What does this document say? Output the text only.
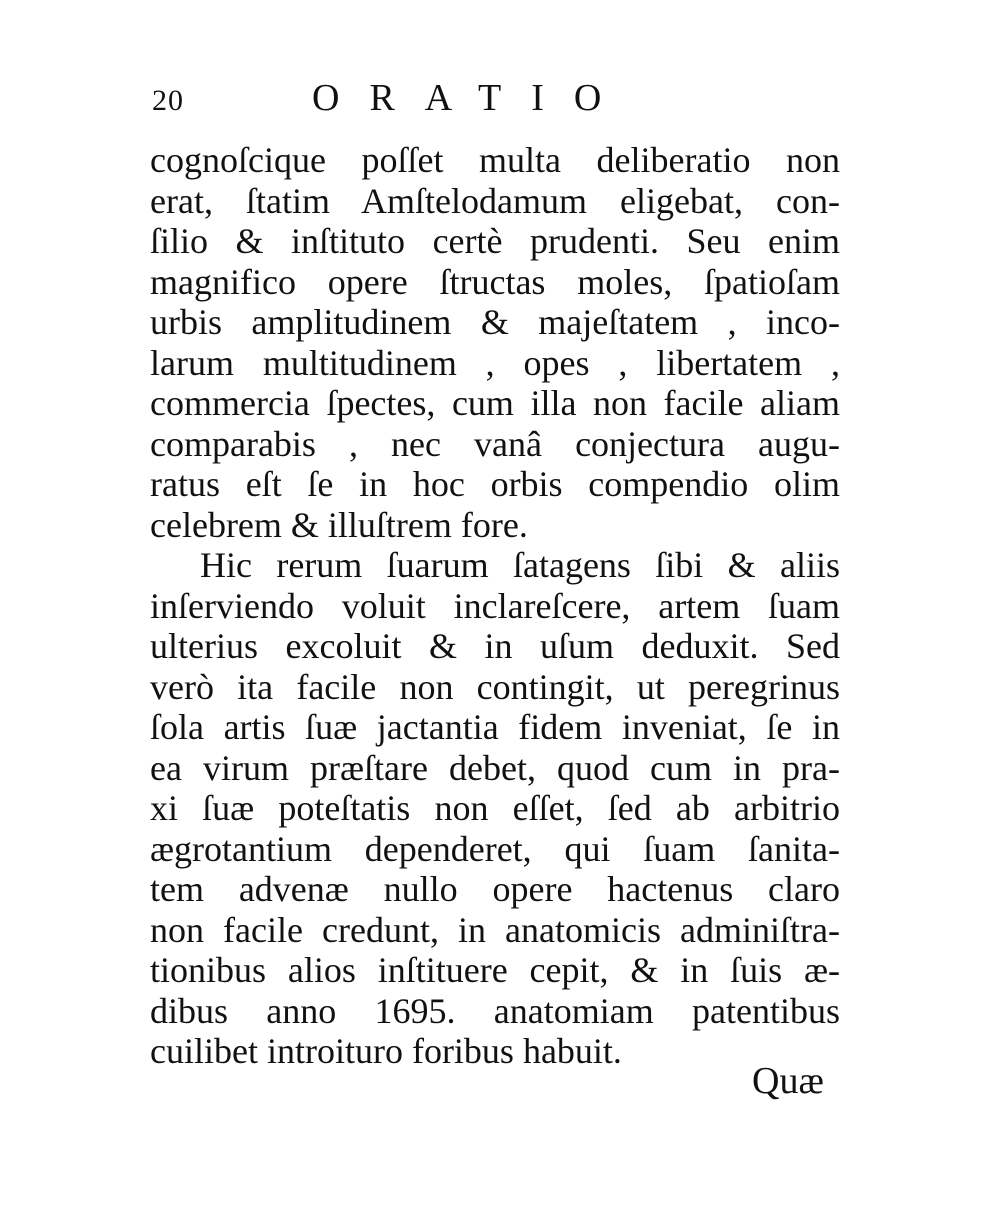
20	ORATIO
cognoſcique poſſet multa deliberatio non
erat, ſtatim Amſtelodamum eligebat, con-
ſilio & inſtituto certè prudenti. Seu enim
magnifico opere ſtructas moles, ſpatioſam
urbis amplitudinem & majeſtatem , inco-
larum multitudinem , opes , libertatem ,
commercia ſpectes, cum illa non facile aliam
comparabis , nec vanâ conjectura augu-
ratus eſt ſe in hoc orbis compendio olim
celebrem & illuſtrem fore.
Hic rerum ſuarum ſatagens ſibi & aliis
inſerviendo voluit inclareſcere, artem ſuam
ulterius excoluit & in uſum deduxit. Sed
verò ita facile non contingit, ut peregrinus
ſola artis ſuæ jactantia fidem inveniat, ſe in
ea virum præſtare debet, quod cum in pra-
xi ſuæ poteſtatis non eſſet, ſed ab arbitrio
ægrotantium dependeret, qui ſuam ſanita-
tem advenæ nullo opere hactenus claro
non facile credunt, in anatomicis adminiſtra-
tionibus alios inſtituere cepit, & in ſuis æ-
dibus anno 1695. anatomiam patentibus
cuilibet introituro foribus habuit.
Quæ
